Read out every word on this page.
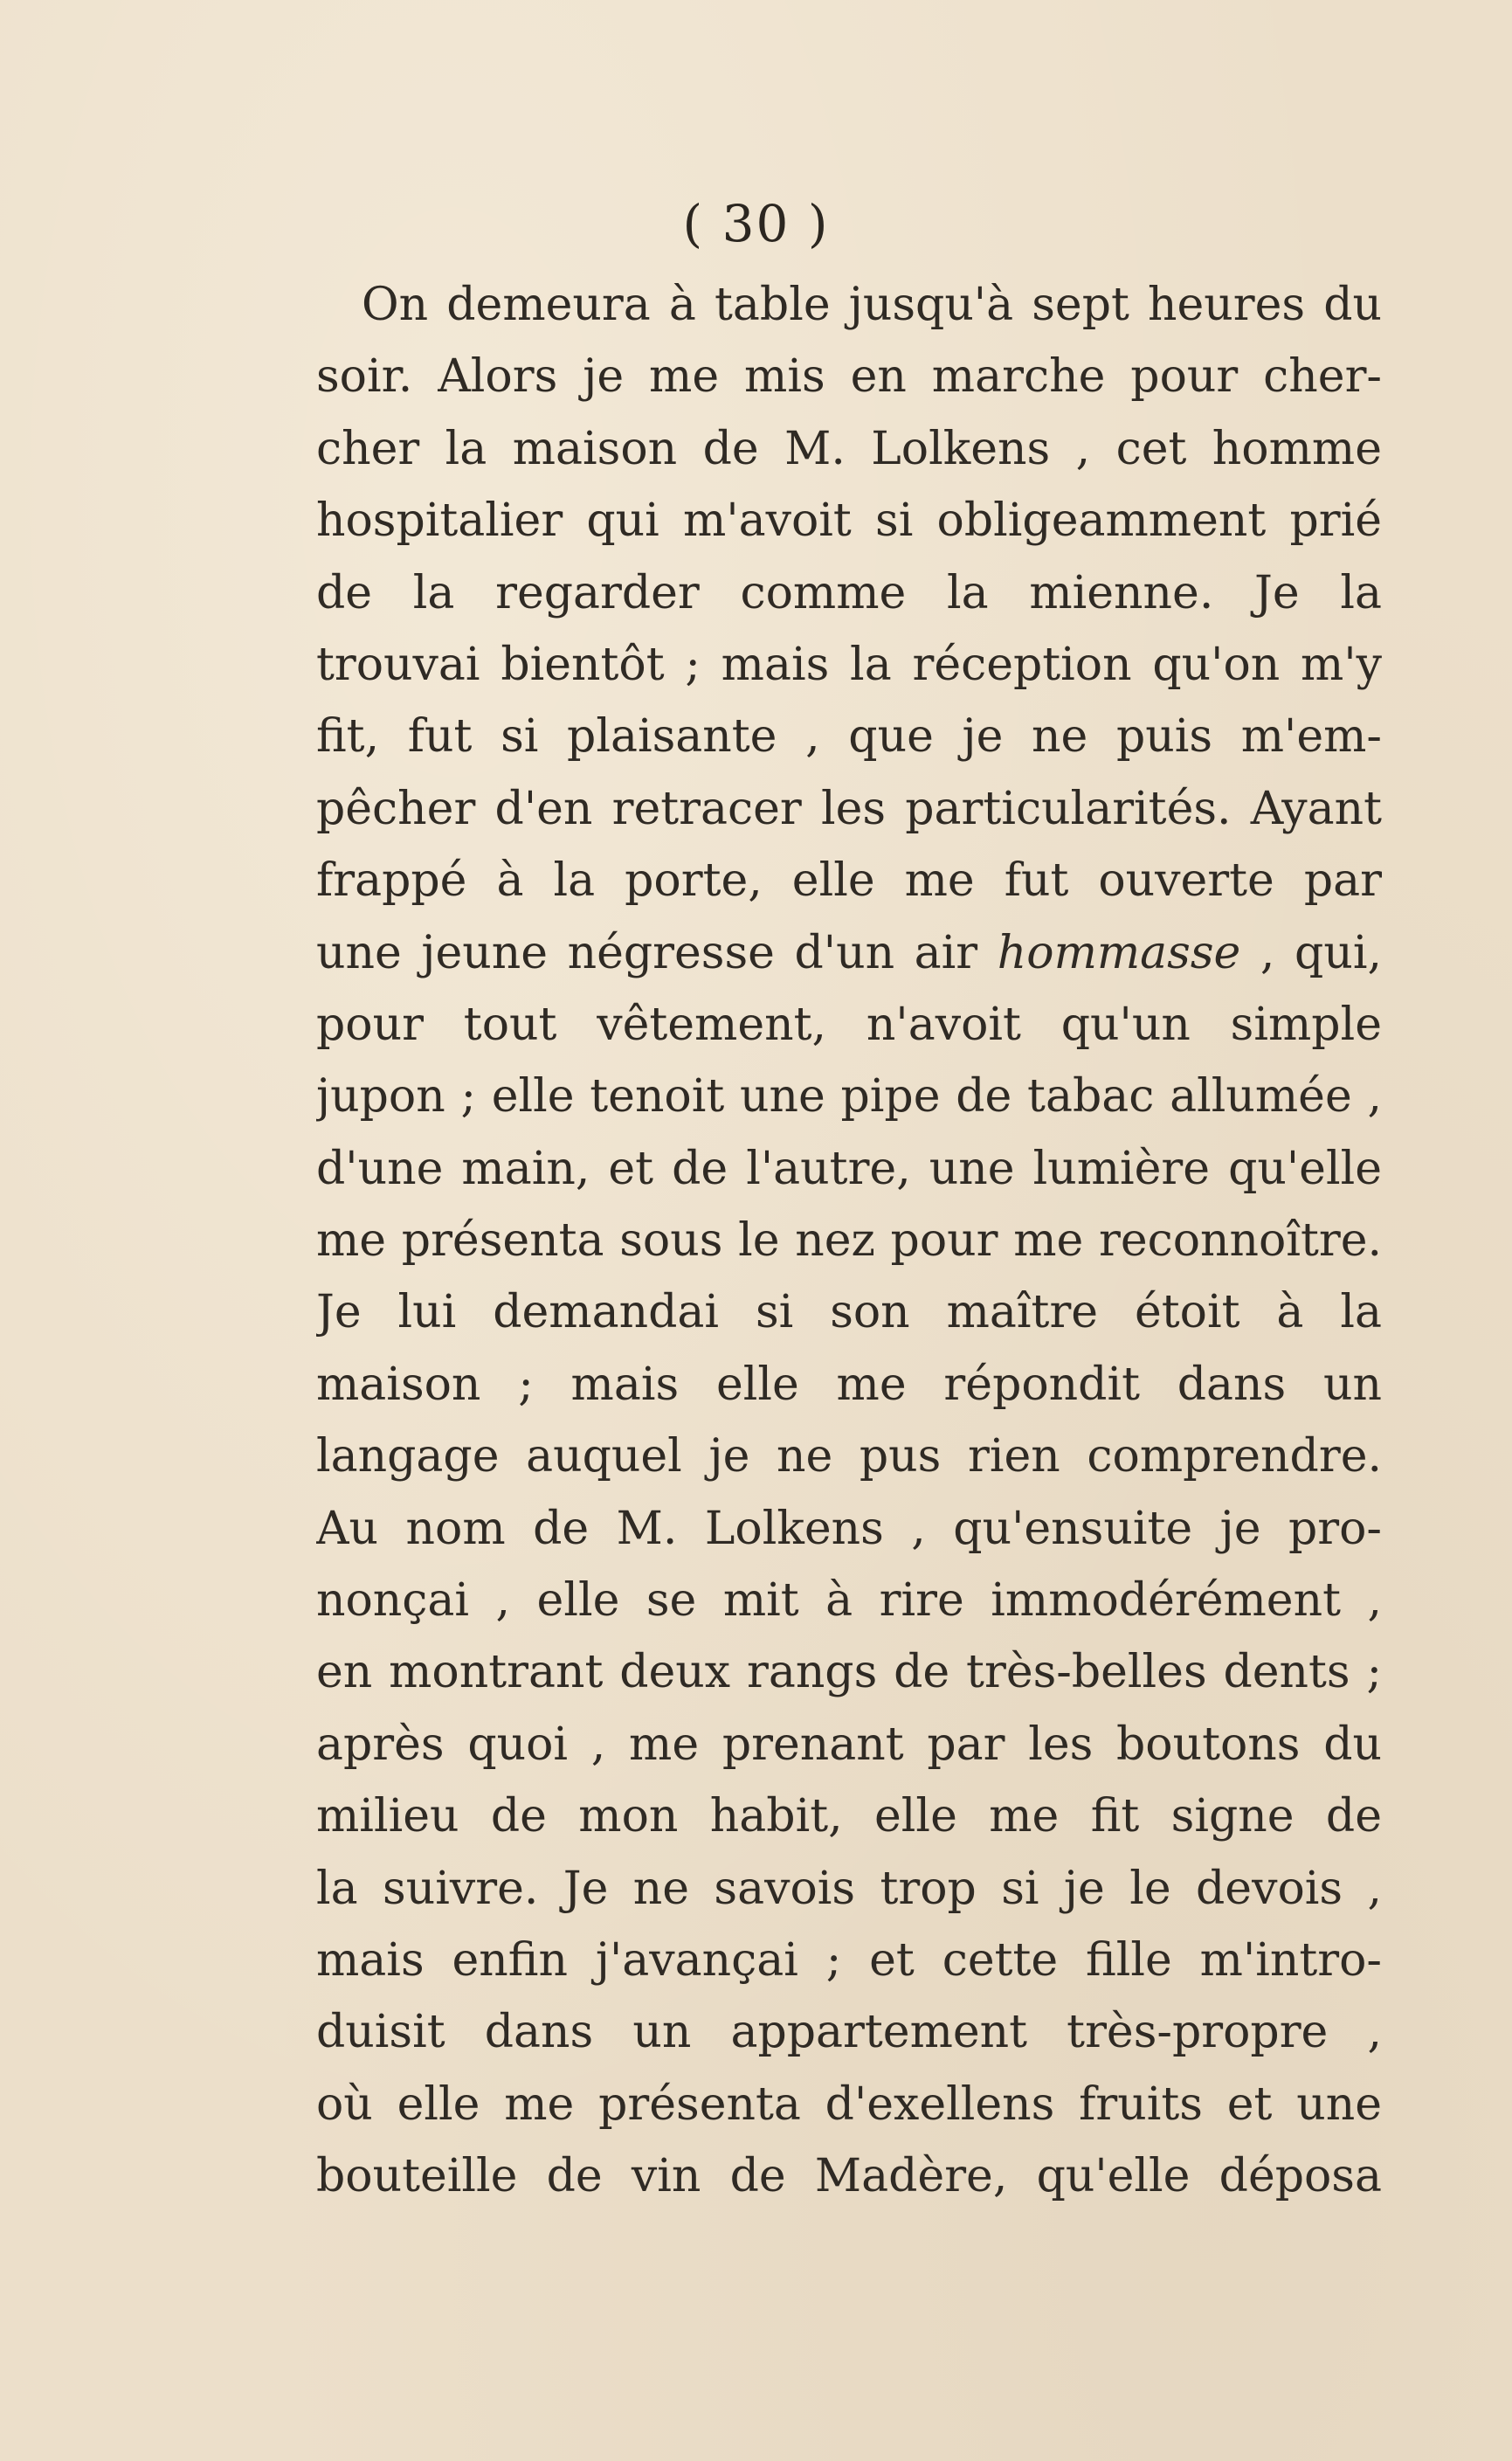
( 30 )
On demeura à table jusqu'à sept heures du
soir. Alors je me mis en marche pour cher-
cher la maison de M. Lolkens , cet homme
hospitalier qui m'avoit si obligeamment prié
de la regarder comme la mienne. Je la
trouvai bientôt ; mais la réception qu'on m'y
fit, fut si plaisante , que je ne puis m'em-
pêcher d'en retracer les particularités. Ayant
frappé à la porte, elle me fut ouverte par
une jeune négresse d'un air hommasse , qui,
pour tout vêtement, n'avoit qu'un simple
jupon ; elle tenoit une pipe de tabac allumée ,
d'une main, et de l'autre, une lumière qu'elle
me présenta sous le nez pour me reconnoître.
Je lui demandai si son maître étoit à la
maison ; mais elle me répondit dans un
langage auquel je ne pus rien comprendre.
Au nom de M. Lolkens , qu'ensuite je pro-
nonçai , elle se mit à rire immodérément ,
en montrant deux rangs de très-belles dents ;
après quoi , me prenant par les boutons du
milieu de mon habit, elle me fit signe de
la suivre. Je ne savois trop si je le devois ,
mais enfin j'avançai ; et cette fille m'intro-
duisit dans un appartement très-propre ,
où elle me présenta d'exellens fruits et une
bouteille de vin de Madère, qu'elle déposa
